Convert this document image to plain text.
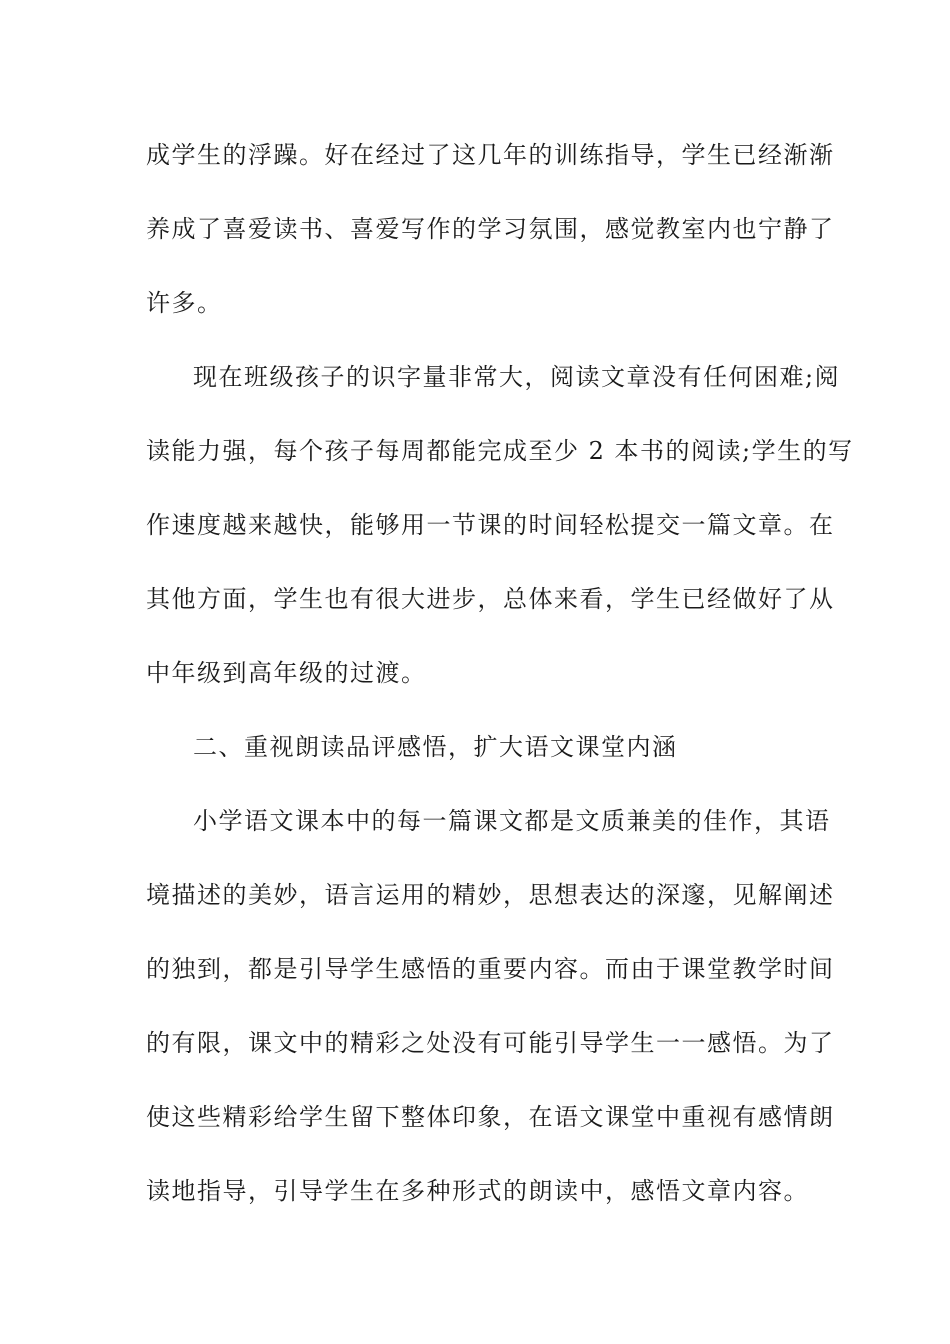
成学生的浮躁。好在经过了这几年的训练指导，学生已经渐渐
养成了喜爱读书、喜爱写作的学习氛围，感觉教室内也宁静了
许多。
现在班级孩子的识字量非常大，阅读文章没有任何困难;阅
读能力强，每个孩子每周都能完成至少 2 本书的阅读;学生的写
作速度越来越快，能够用一节课的时间轻松提交一篇文章。在
其他方面，学生也有很大进步，总体来看，学生已经做好了从
中年级到高年级的过渡。
二、重视朗读品评感悟，扩大语文课堂内涵
小学语文课本中的每一篇课文都是文质兼美的佳作，其语
境描述的美妙，语言运用的精妙，思想表达的深邃，见解阐述
的独到，都是引导学生感悟的重要内容。而由于课堂教学时间
的有限，课文中的精彩之处没有可能引导学生一一感悟。为了
使这些精彩给学生留下整体印象，在语文课堂中重视有感情朗
读地指导，引导学生在多种形式的朗读中，感悟文章内容。
